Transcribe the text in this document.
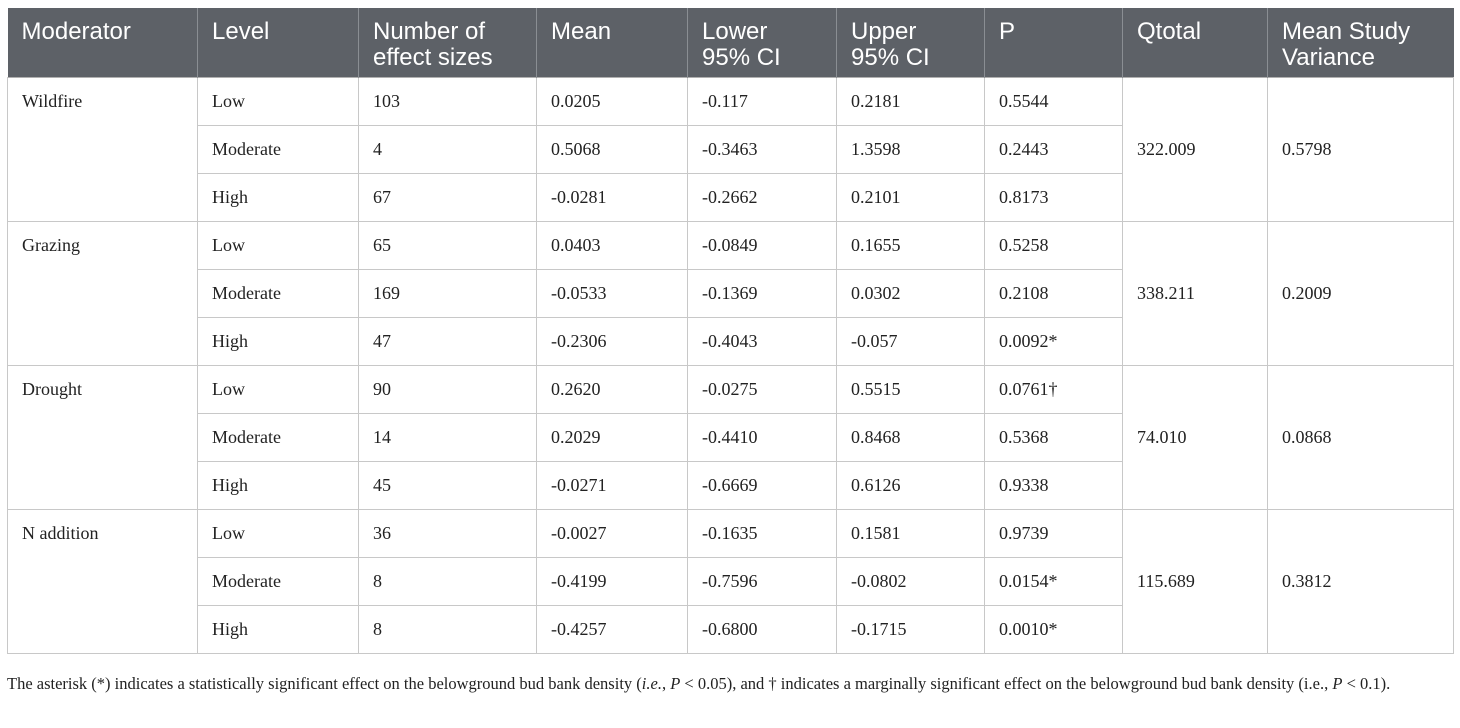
Moderator	Level	Number of effect sizes	Mean	Lower 95% CI	Upper 95% CI	P	Qtotal	Mean Study Variance
Wildfire	Low	103	0.0205	-0.117	0.2181	0.5544	322.009	0.5798
	Moderate	4	0.5068	-0.3463	1.3598	0.2443		
	High	67	-0.0281	-0.2662	0.2101	0.8173		
Grazing	Low	65	0.0403	-0.0849	0.1655	0.5258	338.211	0.2009
	Moderate	169	-0.0533	-0.1369	0.0302	0.2108		
	High	47	-0.2306	-0.4043	-0.057	0.0092*		
Drought	Low	90	0.2620	-0.0275	0.5515	0.0761†	74.010	0.0868
	Moderate	14	0.2029	-0.4410	0.8468	0.5368		
	High	45	-0.0271	-0.6669	0.6126	0.9338		
N addition	Low	36	-0.0027	-0.1635	0.1581	0.9739	115.689	0.3812
	Moderate	8	-0.4199	-0.7596	-0.0802	0.0154*		
	High	8	-0.4257	-0.6800	-0.1715	0.0010*		
The asterisk (*) indicates a statistically significant effect on the belowground bud bank density (i.e., P < 0.05), and † indicates a marginally significant effect on the belowground bud bank density (i.e., P < 0.1).
